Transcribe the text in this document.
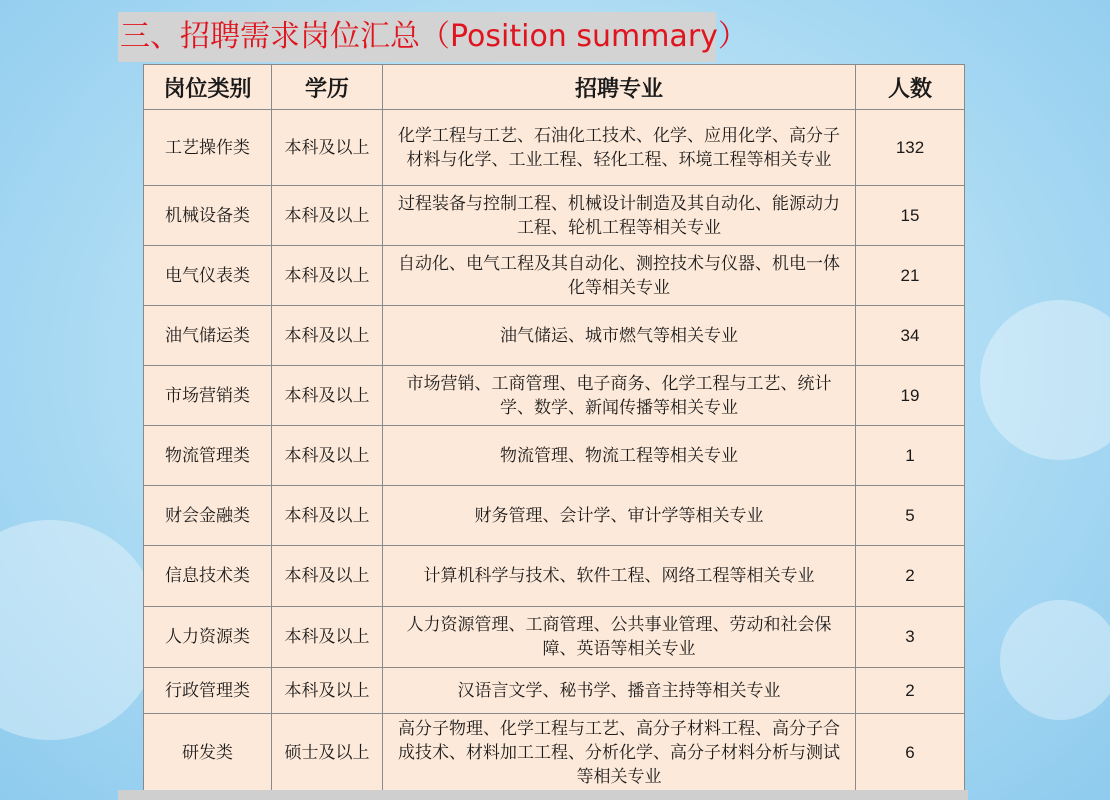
三、招聘需求岗位汇总（Position summary）
岗位类别	学历	招聘专业	人数
工艺操作类	本科及以上	化学工程与工艺、石油化工技术、化学、应用化学、高分子材料与化学、工业工程、轻化工程、环境工程等相关专业	132
机械设备类	本科及以上	过程装备与控制工程、机械设计制造及其自动化、能源动力工程、轮机工程等相关专业	15
电气仪表类	本科及以上	自动化、电气工程及其自动化、测控技术与仪器、机电一体化等相关专业	21
油气储运类	本科及以上	油气储运、城市燃气等相关专业	34
市场营销类	本科及以上	市场营销、工商管理、电子商务、化学工程与工艺、统计学、数学、新闻传播等相关专业	19
物流管理类	本科及以上	物流管理、物流工程等相关专业	1
财会金融类	本科及以上	财务管理、会计学、审计学等相关专业	5
信息技术类	本科及以上	计算机科学与技术、软件工程、网络工程等相关专业	2
人力资源类	本科及以上	人力资源管理、工商管理、公共事业管理、劳动和社会保障、英语等相关专业	3
行政管理类	本科及以上	汉语言文学、秘书学、播音主持等相关专业	2
研发类	硕士及以上	高分子物理、化学工程与工艺、高分子材料工程、高分子合成技术、材料加工工程、分析化学、高分子材料分析与测试等相关专业	6
